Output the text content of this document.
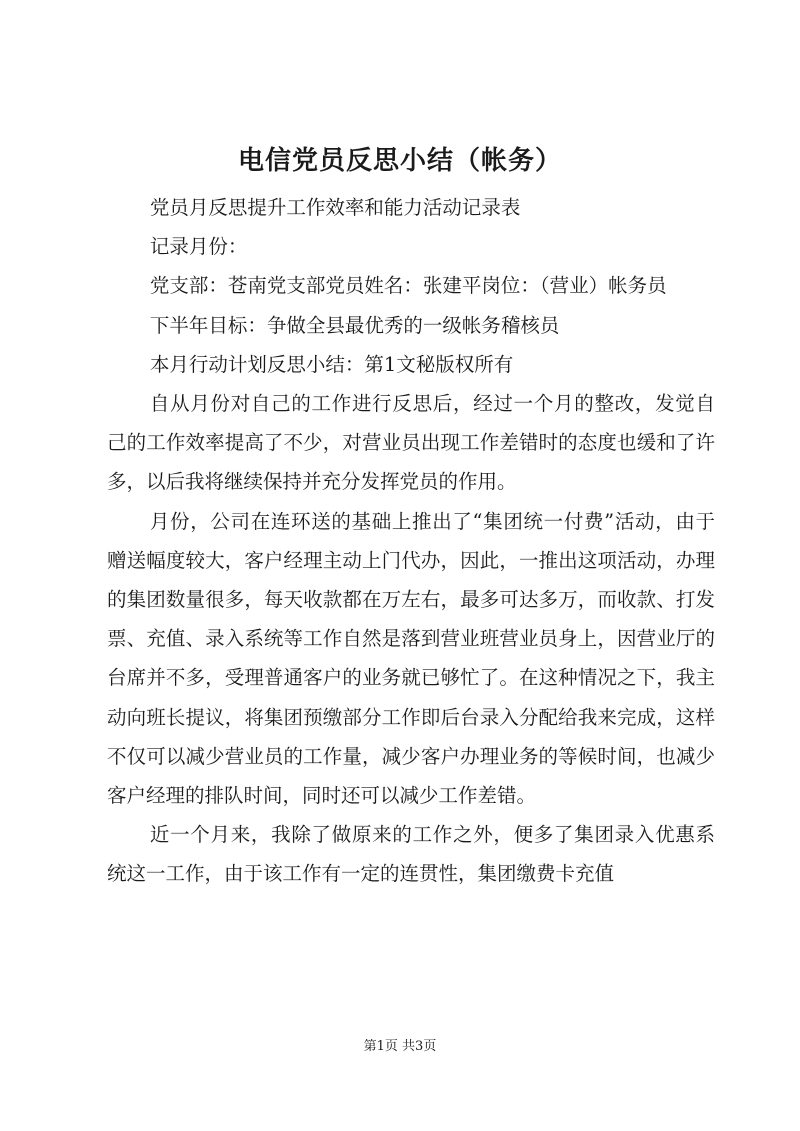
电信党员反思小结（帐务）

党员月反思提升工作效率和能力活动记录表

记录月份：

党支部：苍南党支部党员姓名：张建平岗位：（营业）帐务员

下半年目标：争做全县最优秀的一级帐务稽核员

本月行动计划反思小结：第1文秘版权所有

自从月份对自己的工作进行反思后，经过一个月的整改，发觉自己的工作效率提高了不少，对营业员出现工作差错时的态度也缓和了许多，以后我将继续保持并充分发挥党员的作用。

月份，公司在连环送的基础上推出了“集团统一付费”活动，由于赠送幅度较大，客户经理主动上门代办，因此，一推出这项活动，办理的集团数量很多，每天收款都在万左右，最多可达多万，而收款、打发票、充值、录入系统等工作自然是落到营业班营业员身上，因营业厅的台席并不多，受理普通客户的业务就已够忙了。在这种情况之下，我主动向班长提议，将集团预缴部分工作即后台录入分配给我来完成，这样不仅可以减少营业员的工作量，减少客户办理业务的等候时间，也减少客户经理的排队时间，同时还可以减少工作差错。

近一个月来，我除了做原来的工作之外，便多了集团录入优惠系统这一工作，由于该工作有一定的连贯性，集团缴费卡充值

第1页 共3页
